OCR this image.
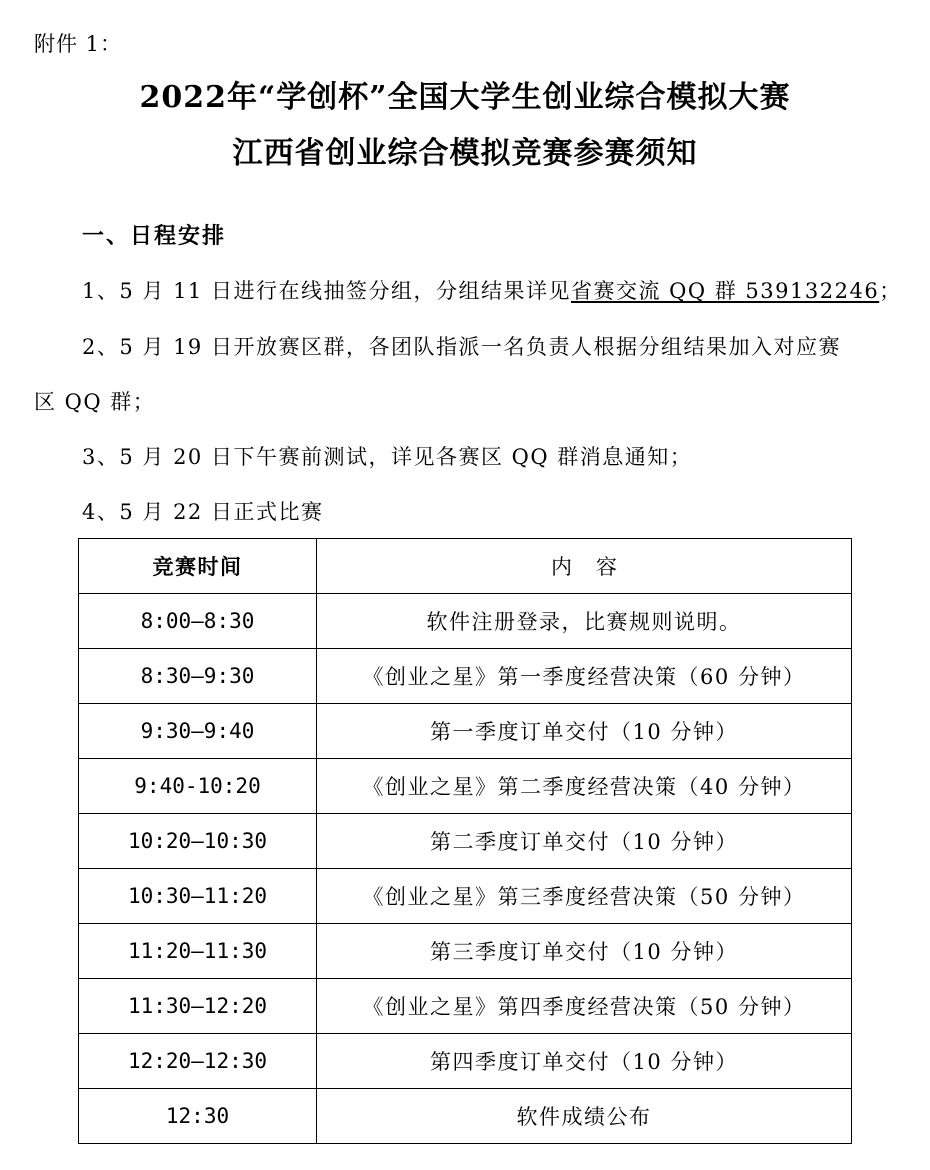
附件 1：
2022年“学创杯”全国大学生创业综合模拟大赛
江西省创业综合模拟竞赛参赛须知
一、日程安排
1、5 月 11 日进行在线抽签分组，分组结果详见省赛交流 QQ 群 539132246；
2、5 月 19 日开放赛区群，各团队指派一名负责人根据分组结果加入对应赛
区 QQ 群；
3、5 月 20 日下午赛前测试，详见各赛区 QQ 群消息通知；
4、5 月 22 日正式比赛
竞赛时间	内容
8:00—8:30	软件注册登录，比赛规则说明。
8:30—9:30	《创业之星》第一季度经营决策（60 分钟）
9:30—9:40	第一季度订单交付（10 分钟）
9:40-10:20	《创业之星》第二季度经营决策（40 分钟）
10:20—10:30	第二季度订单交付（10 分钟）
10:30—11:20	《创业之星》第三季度经营决策（50 分钟）
11:20—11:30	第三季度订单交付（10 分钟）
11:30—12:20	《创业之星》第四季度经营决策（50 分钟）
12:20—12:30	第四季度订单交付（10 分钟）
12:30	软件成绩公布
